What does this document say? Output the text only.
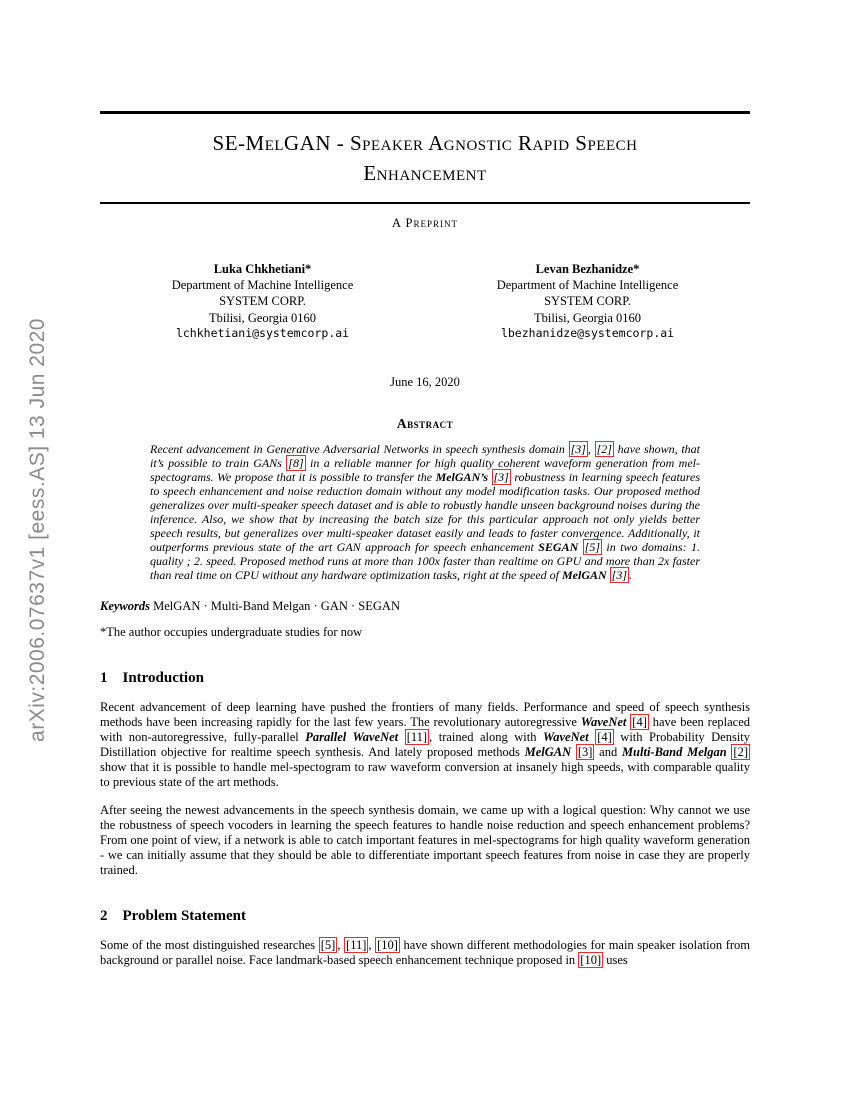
arXiv:2006.07637v1 [eess.AS] 13 Jun 2020
SE-MelGAN - Speaker Agnostic Rapid Speech
Enhancement
A Preprint
Luka Chkhetiani*
Department of Machine Intelligence
SYSTEM CORP.
Tbilisi, Georgia 0160
lchkhetiani@systemcorp.ai
Levan Bezhanidze*
Department of Machine Intelligence
SYSTEM CORP.
Tbilisi, Georgia 0160
lbezhanidze@systemcorp.ai
June 16, 2020
Abstract

Recent advancement in Generative Adversarial Networks in speech synthesis domain [3] , [2] have shown, that it’s possible to train GANs [8] in a reliable manner for high quality coherent waveform generation from mel-spectograms. We propose that it is possible to transfer the MelGAN’s [3] robustness in learning speech features to speech enhancement and noise reduction domain without any model modification tasks. Our proposed method generalizes over multi-speaker speech dataset and is able to robustly handle unseen background noises during the inference. Also, we show that by increasing the batch size for this particular approach not only yields better speech results, but generalizes over multi-speaker dataset easily and leads to faster convergence. Additionally, it outperforms previous state of the art GAN approach for speech enhancement SEGAN [5] in two domains: 1. quality ; 2. speed. Proposed method runs at more than 100x faster than realtime on GPU and more than 2x faster than real time on CPU without any hardware optimization tasks, right at the speed of MelGAN [3] .

Keywords MelGAN · Multi-Band Melgan · GAN · SEGAN

*The author occupies undergraduate studies for now

1 Introduction

Recent advancement of deep learning have pushed the frontiers of many fields. Performance and speed of speech synthesis methods have been increasing rapidly for the last few years. The revolutionary autoregressive WaveNet [4] have been replaced with non-autoregressive, fully-parallel Parallel WaveNet [11] , trained along with WaveNet [4] with Probability Density Distillation objective for realtime speech synthesis. And lately proposed methods MelGAN [3] and Multi-Band Melgan [2] show that it is possible to handle mel-spectogram to raw waveform conversion at insanely high speeds, with comparable quality to previous state of the art methods.

After seeing the newest advancements in the speech synthesis domain, we came up with a logical question: Why cannot we use the robustness of speech vocoders in learning the speech features to handle noise reduction and speech enhancement problems? From one point of view, if a network is able to catch important features in mel-spectograms for high quality waveform generation - we can initially assume that they should be able to differentiate important speech features from noise in case they are properly trained.

2 Problem Statement

Some of the most distinguished researches [5] , [11] , [10] have shown different methodologies for main speaker isolation from background or parallel noise. Face landmark-based speech enhancement technique proposed in [10] uses
